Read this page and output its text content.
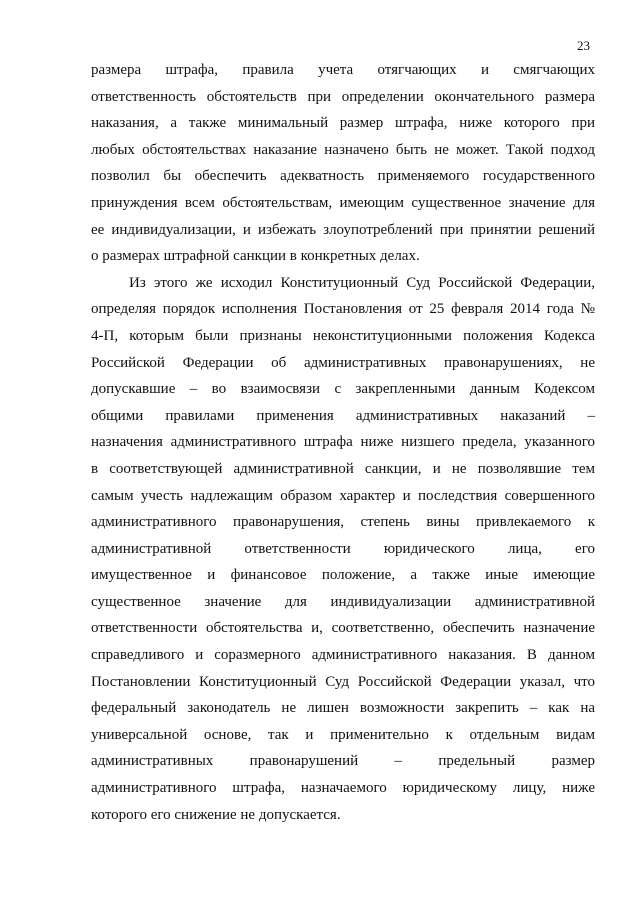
23
размера штрафа, правила учета отягчающих и смягчающих
ответственность обстоятельств при определении окончательного размера
наказания, а также минимальный размер штрафа, ниже которого при
любых обстоятельствах наказание назначено быть не может. Такой подход
позволил бы обеспечить адекватность применяемого государственного
принуждения всем обстоятельствам, имеющим существенное значение для
ее индивидуализации, и избежать злоупотреблений при принятии решений
о размерах штрафной санкции в конкретных делах.
Из этого же исходил Конституционный Суд Российской Федерации,
определяя порядок исполнения Постановления от 25 февраля 2014 года №
4-П, которым были признаны неконституционными положения Кодекса
Российской Федерации об административных правонарушениях, не
допускавшие – во взаимосвязи с закрепленными данным Кодексом
общими правилами применения административных наказаний –
назначения административного штрафа ниже низшего предела, указанного
в соответствующей административной санкции, и не позволявшие тем
самым учесть надлежащим образом характер и последствия совершенного
административного правонарушения, степень вины привлекаемого к
административной ответственности юридического лица, его
имущественное и финансовое положение, а также иные имеющие
существенное значение для индивидуализации административной
ответственности обстоятельства и, соответственно, обеспечить назначение
справедливого и соразмерного административного наказания. В данном
Постановлении Конституционный Суд Российской Федерации указал, что
федеральный законодатель не лишен возможности закрепить – как на
универсальной основе, так и применительно к отдельным видам
административных правонарушений – предельный размер
административного штрафа, назначаемого юридическому лицу, ниже
которого его снижение не допускается.
